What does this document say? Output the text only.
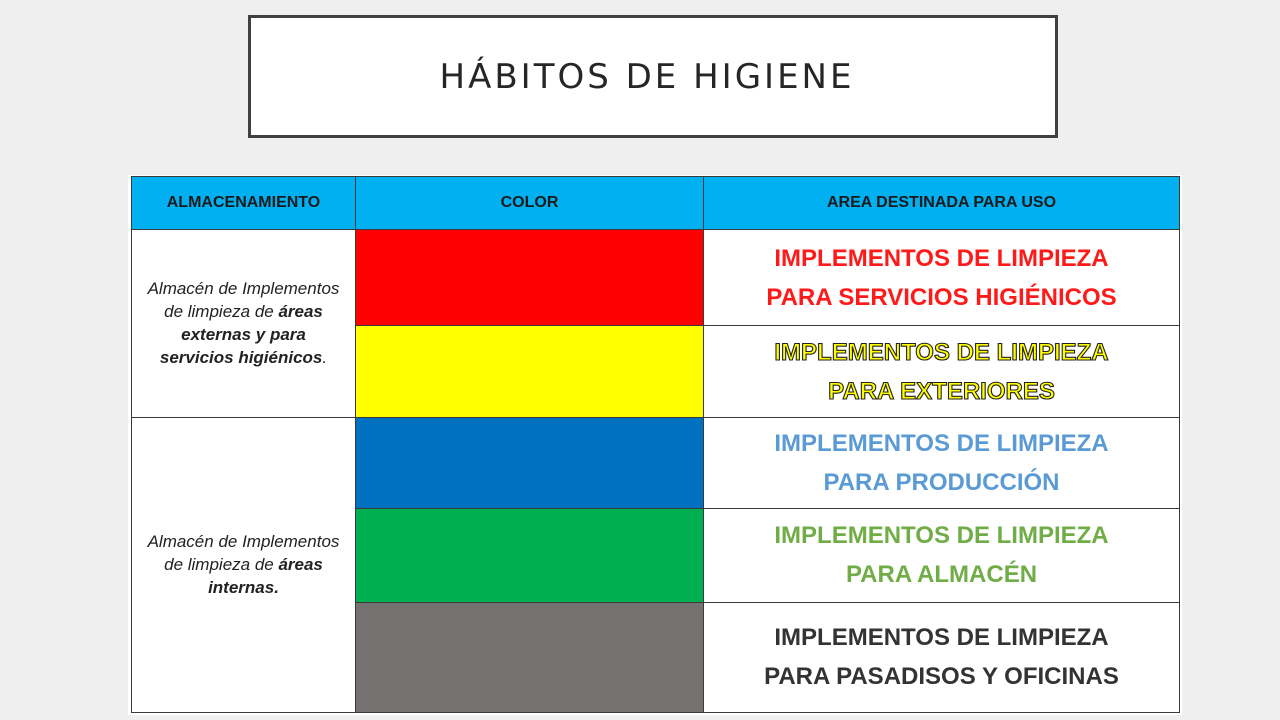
HÁBITOS DE HIGIENE
ALMACENAMIENTO	COLOR	AREA DESTINADA PARA USO

Almacén de Implementos de limpieza de áreas externas y para servicios higiénicos.		IMPLEMENTOS DE LIMPIEZA
PARA SERVICIOS HIGIÉNICOS

		IMPLEMENTOS DE LIMPIEZA
PARA EXTERIORES

Almacén de Implementos de limpieza de áreas internas.		IMPLEMENTOS DE LIMPIEZA
PARA PRODUCCIÓN

		IMPLEMENTOS DE LIMPIEZA
PARA ALMACÉN

		IMPLEMENTOS DE LIMPIEZA
PARA PASADISOS Y OFICINAS
